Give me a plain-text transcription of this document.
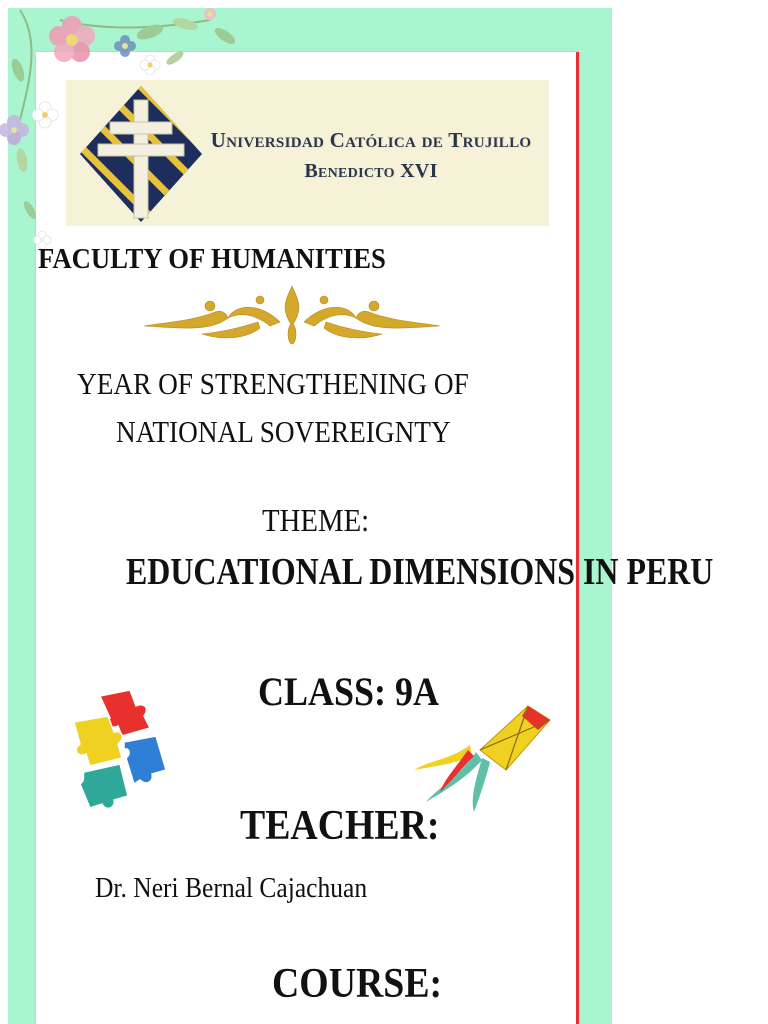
Universidad Católica de Trujillo
Benedicto XVI
FACULTY OF HUMANITIES
YEAR OF STRENGTHENING OF
NATIONAL SOVEREIGNTY
THEME:
EDUCATIONAL DIMENSIONS IN PERU
CLASS: 9A
TEACHER:
Dr. Neri Bernal Cajachuan
COURSE:
